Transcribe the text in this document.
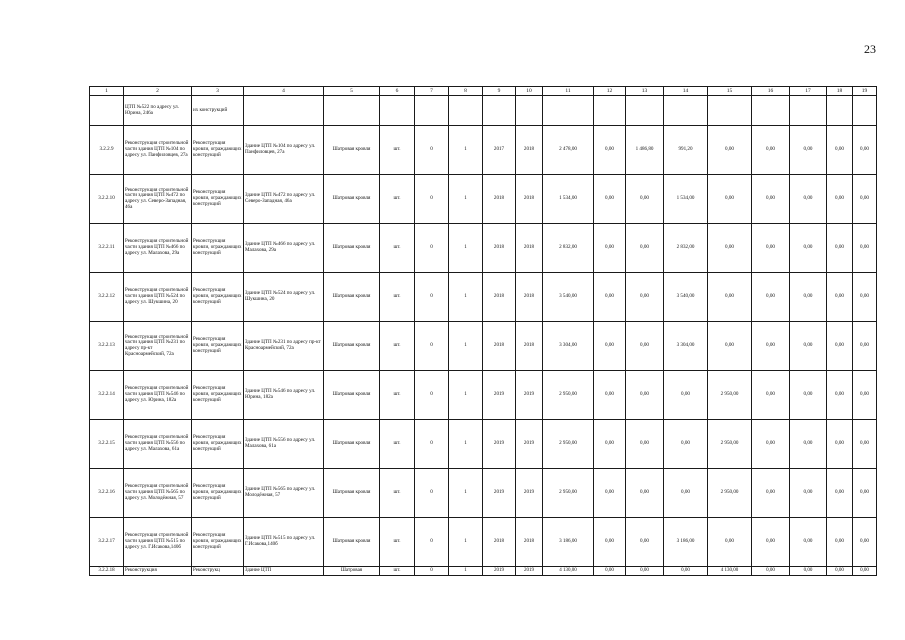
23
1	2	3	4	5	6	7	8	9	10	11	12	13	14	15	16	17	18	19
	ЦТП №522 по адресу ул. Юрина, 246а	их конструкций																
3.2.2.9	Реконструкция строительной части здания ЦТП №104 по адресу ул. Панфиловцев, 27а	Реконструкция кровли, ограждающих конструкций	Здание ЦТП №104 по адресу ул. Панфиловцев, 27а	Шатровая кровля	шт.	0	1	2017	2018	2 478,00	0,00	1 486,80	991,20	0,00	0,00	0,00	0,00	0,00
3.2.2.10	Реконструкция строительной части здания ЦТП №472 по адресу ул. Северо-Западная, 46а	Реконструкция кровли, ограждающих конструкций	Здание ЦТП №472 по адресу ул. Северо-Западная, 46а	Шатровая кровля	шт.	0	1	2018	2018	1 534,00	0,00	0,00	1 534,00	0,00	0,00	0,00	0,00	0,00
3.2.2.11	Реконструкция строительной части здания ЦТП №466 по адресу ул. Малахова, 29а	Реконструкция кровли, ограждающих конструкций	Здание ЦТП №466 по адресу ул. Малахова, 29а	Шатровая кровля	шт.	0	1	2018	2018	2 832,00	0,00	0,00	2 832,00	0,00	0,00	0,00	0,00	0,00
3.2.2.12	Реконструкция строительной части здания ЦТП №524 по адресу ул. Шукшина, 20	Реконструкция кровли, ограждающих конструкций	Здание ЦТП №524 по адресу ул. Шукшина, 20	Шатровая кровля	шт.	0	1	2018	2018	3 540,00	0,00	0,00	3 540,00	0,00	0,00	0,00	0,00	0,00
3.2.2.13	Реконструкция строительной части здания ЦТП №231 по адресу пр-кт Красноармейский, 72а	Реконструкция кровли, ограждающих конструкций	Здание ЦТП №231 по адресу пр-кт Красноармейский, 72а	Шатровая кровля	шт.	0	1	2018	2018	3 304,00	0,00	0,00	3 304,00	0,00	0,00	0,00	0,00	0,00
3.2.2.14	Реконструкция строительной части здания ЦТП №546 по адресу ул. Юрина, 182а	Реконструкция кровли, ограждающих конструкций	Здание ЦТП №546 по адресу ул. Юрина, 182а	Шатровая кровля	шт.	0	1	2019	2019	2 950,00	0,00	0,00	0,00	2 950,00	0,00	0,00	0,00	0,00
3.2.2.15	Реконструкция строительной части здания ЦТП №556 по адресу ул. Малахова, 61а	Реконструкция кровли, ограждающих конструкций	Здание ЦТП №556 по адресу ул. Малахова, 61а	Шатровая кровля	шт.	0	1	2019	2019	2 950,00	0,00	0,00	0,00	2 950,00	0,00	0,00	0,00	0,00
3.2.2.16	Реконструкция строительной части здания ЦТП №565 по адресу ул. Молодёжная, 57	Реконструкция кровли, ограждающих конструкций	Здание ЦТП №565 по адресу ул. Молодёжная, 57	Шатровая кровля	шт.	0	1	2019	2019	2 950,00	0,00	0,00	0,00	2 950,00	0,00	0,00	0,00	0,00
3.2.2.17	Реконструкция строительной части здания ЦТП №515 по адресу ул. Г.Исакова,140б	Реконструкция кровли, ограждающих конструкций	Здание ЦТП №515 по адресу ул. Г.Исакова,140б	Шатровая кровля	шт.	0	1	2018	2018	3 186,00	0,00	0,00	3 186,00	0,00	0,00	0,00	0,00	0,00
3.2.2.18	Реконструкция	Реконструкц	Здание ЦТП	Шатровая	шт.	0	1	2019	2019	4 130,00	0,00	0,00	0,00	4 130,00	0,00	0,00	0,00	0,00
